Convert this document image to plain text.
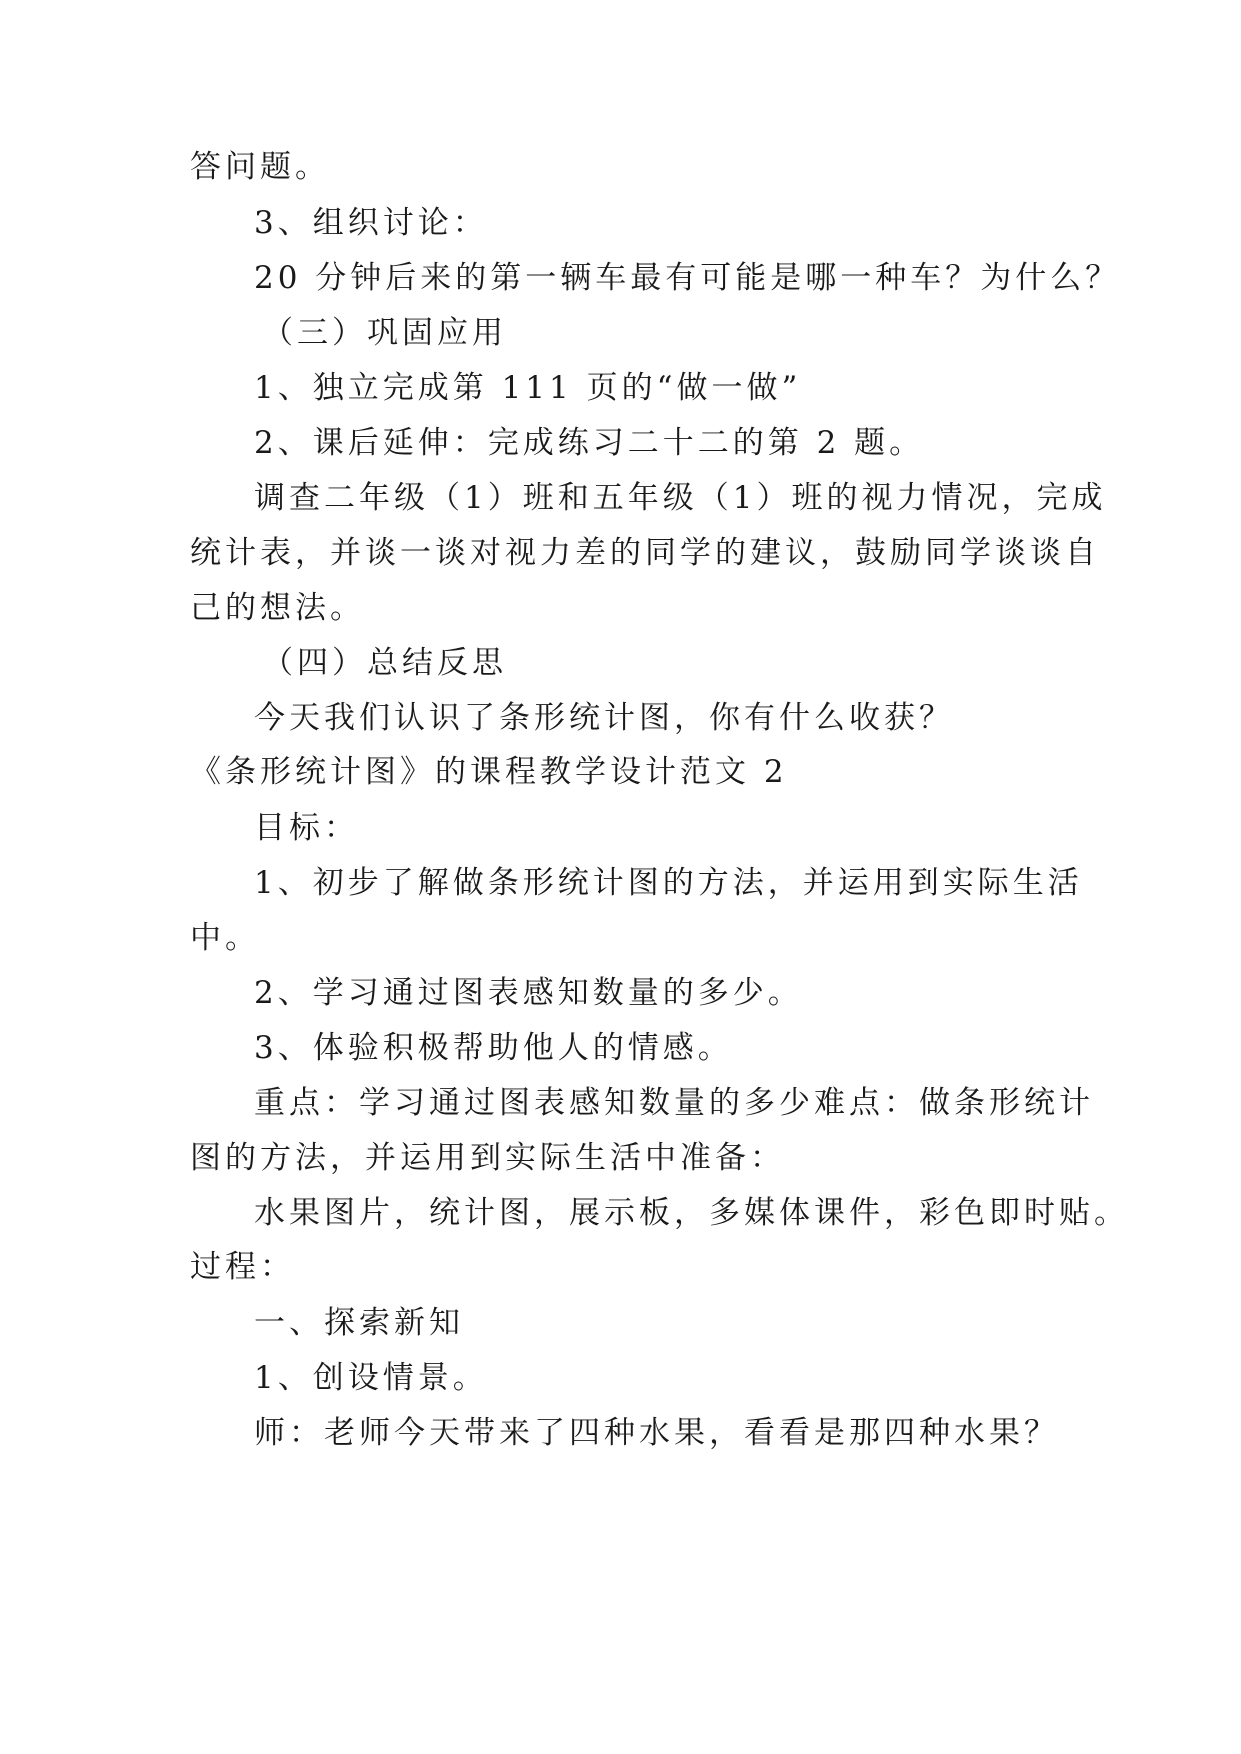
答问题。
3、组织讨论：
20 分钟后来的第一辆车最有可能是哪一种车？为什么？
（三）巩固应用
1、独立完成第 111 页的“做一做”
2、课后延伸：完成练习二十二的第 2 题。
调查二年级（1）班和五年级（1）班的视力情况，完成
统计表，并谈一谈对视力差的同学的建议，鼓励同学谈谈自
己的想法。
（四）总结反思
今天我们认识了条形统计图，你有什么收获？
《条形统计图》的课程教学设计范文 2
目标：
1、初步了解做条形统计图的方法，并运用到实际生活
中。
2、学习通过图表感知数量的多少。
3、体验积极帮助他人的情感。
重点：学习通过图表感知数量的多少难点：做条形统计
图的方法，并运用到实际生活中准备：
水果图片，统计图，展示板，多媒体课件，彩色即时贴。
过程：
一、探索新知
1、创设情景。
师：老师今天带来了四种水果，看看是那四种水果？
